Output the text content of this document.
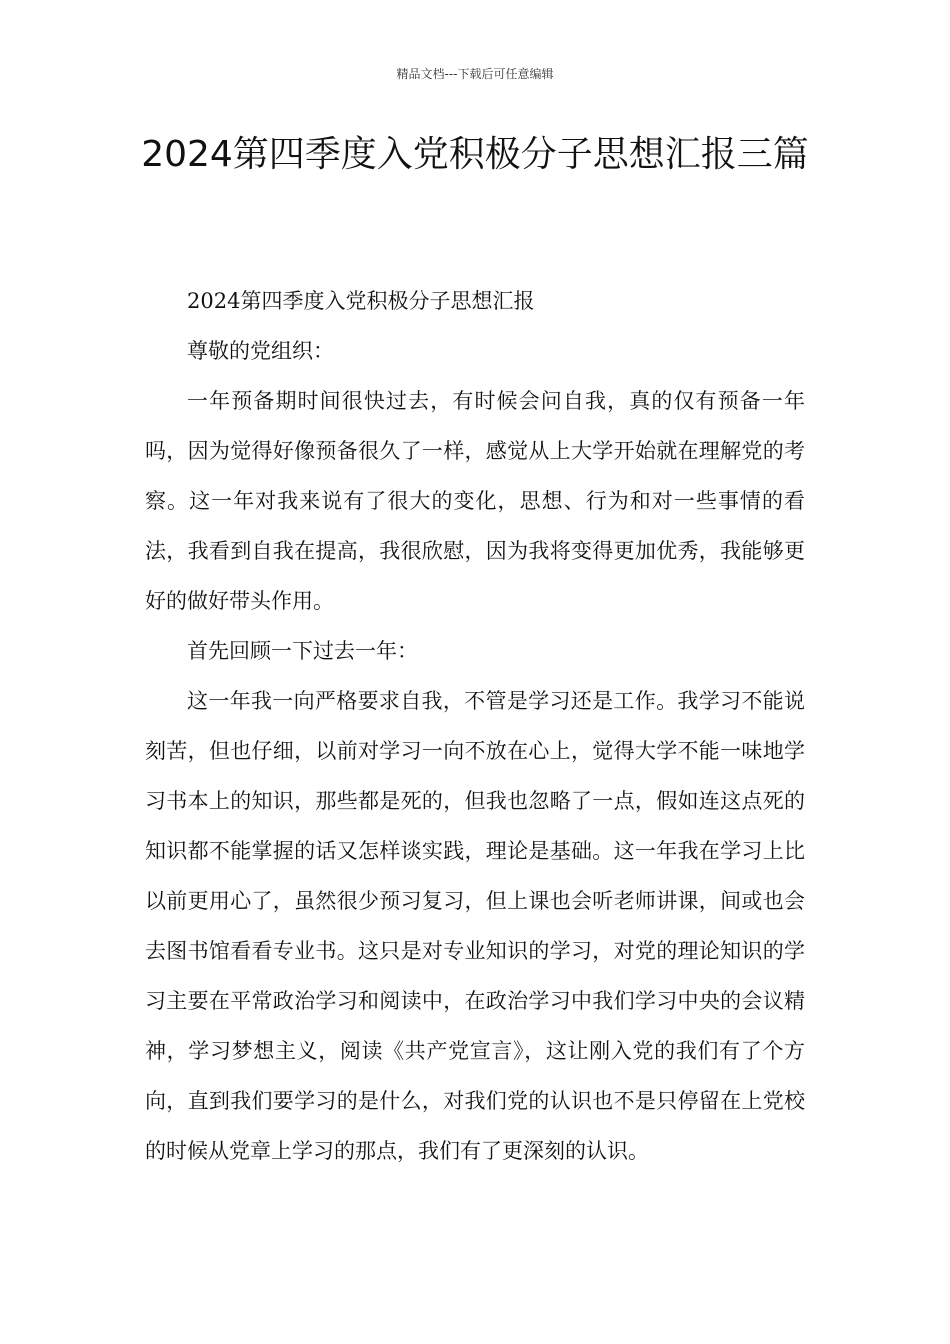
精品文档---下载后可任意编辑
2024第四季度入党积极分子思想汇报三篇

2024第四季度入党积极分子思想汇报

尊敬的党组织：

一年预备期时间很快过去，有时候会问自我，真的仅有预备一年吗，因为觉得好像预备很久了一样，感觉从上大学开始就在理解党的考察。这一年对我来说有了很大的变化，思想、行为和对一些事情的看法，我看到自我在提高，我很欣慰，因为我将变得更加优秀，我能够更好的做好带头作用。

首先回顾一下过去一年：

这一年我一向严格要求自我，不管是学习还是工作。我学习不能说刻苦，但也仔细，以前对学习一向不放在心上，觉得大学不能一味地学习书本上的知识，那些都是死的，但我也忽略了一点，假如连这点死的知识都不能掌握的话又怎样谈实践，理论是基础。这一年我在学习上比以前更用心了，虽然很少预习复习，但上课也会听老师讲课，间或也会去图书馆看看专业书。这只是对专业知识的学习，对党的理论知识的学习主要在平常政治学习和阅读中，在政治学习中我们学习中央的会议精神，学习梦想主义，阅读《共产党宣言》，这让刚入党的我们有了个方向，直到我们要学习的是什么，对我们党的认识也不是只停留在上党校的时候从党章上学习的那点，我们有了更深刻的认识。
